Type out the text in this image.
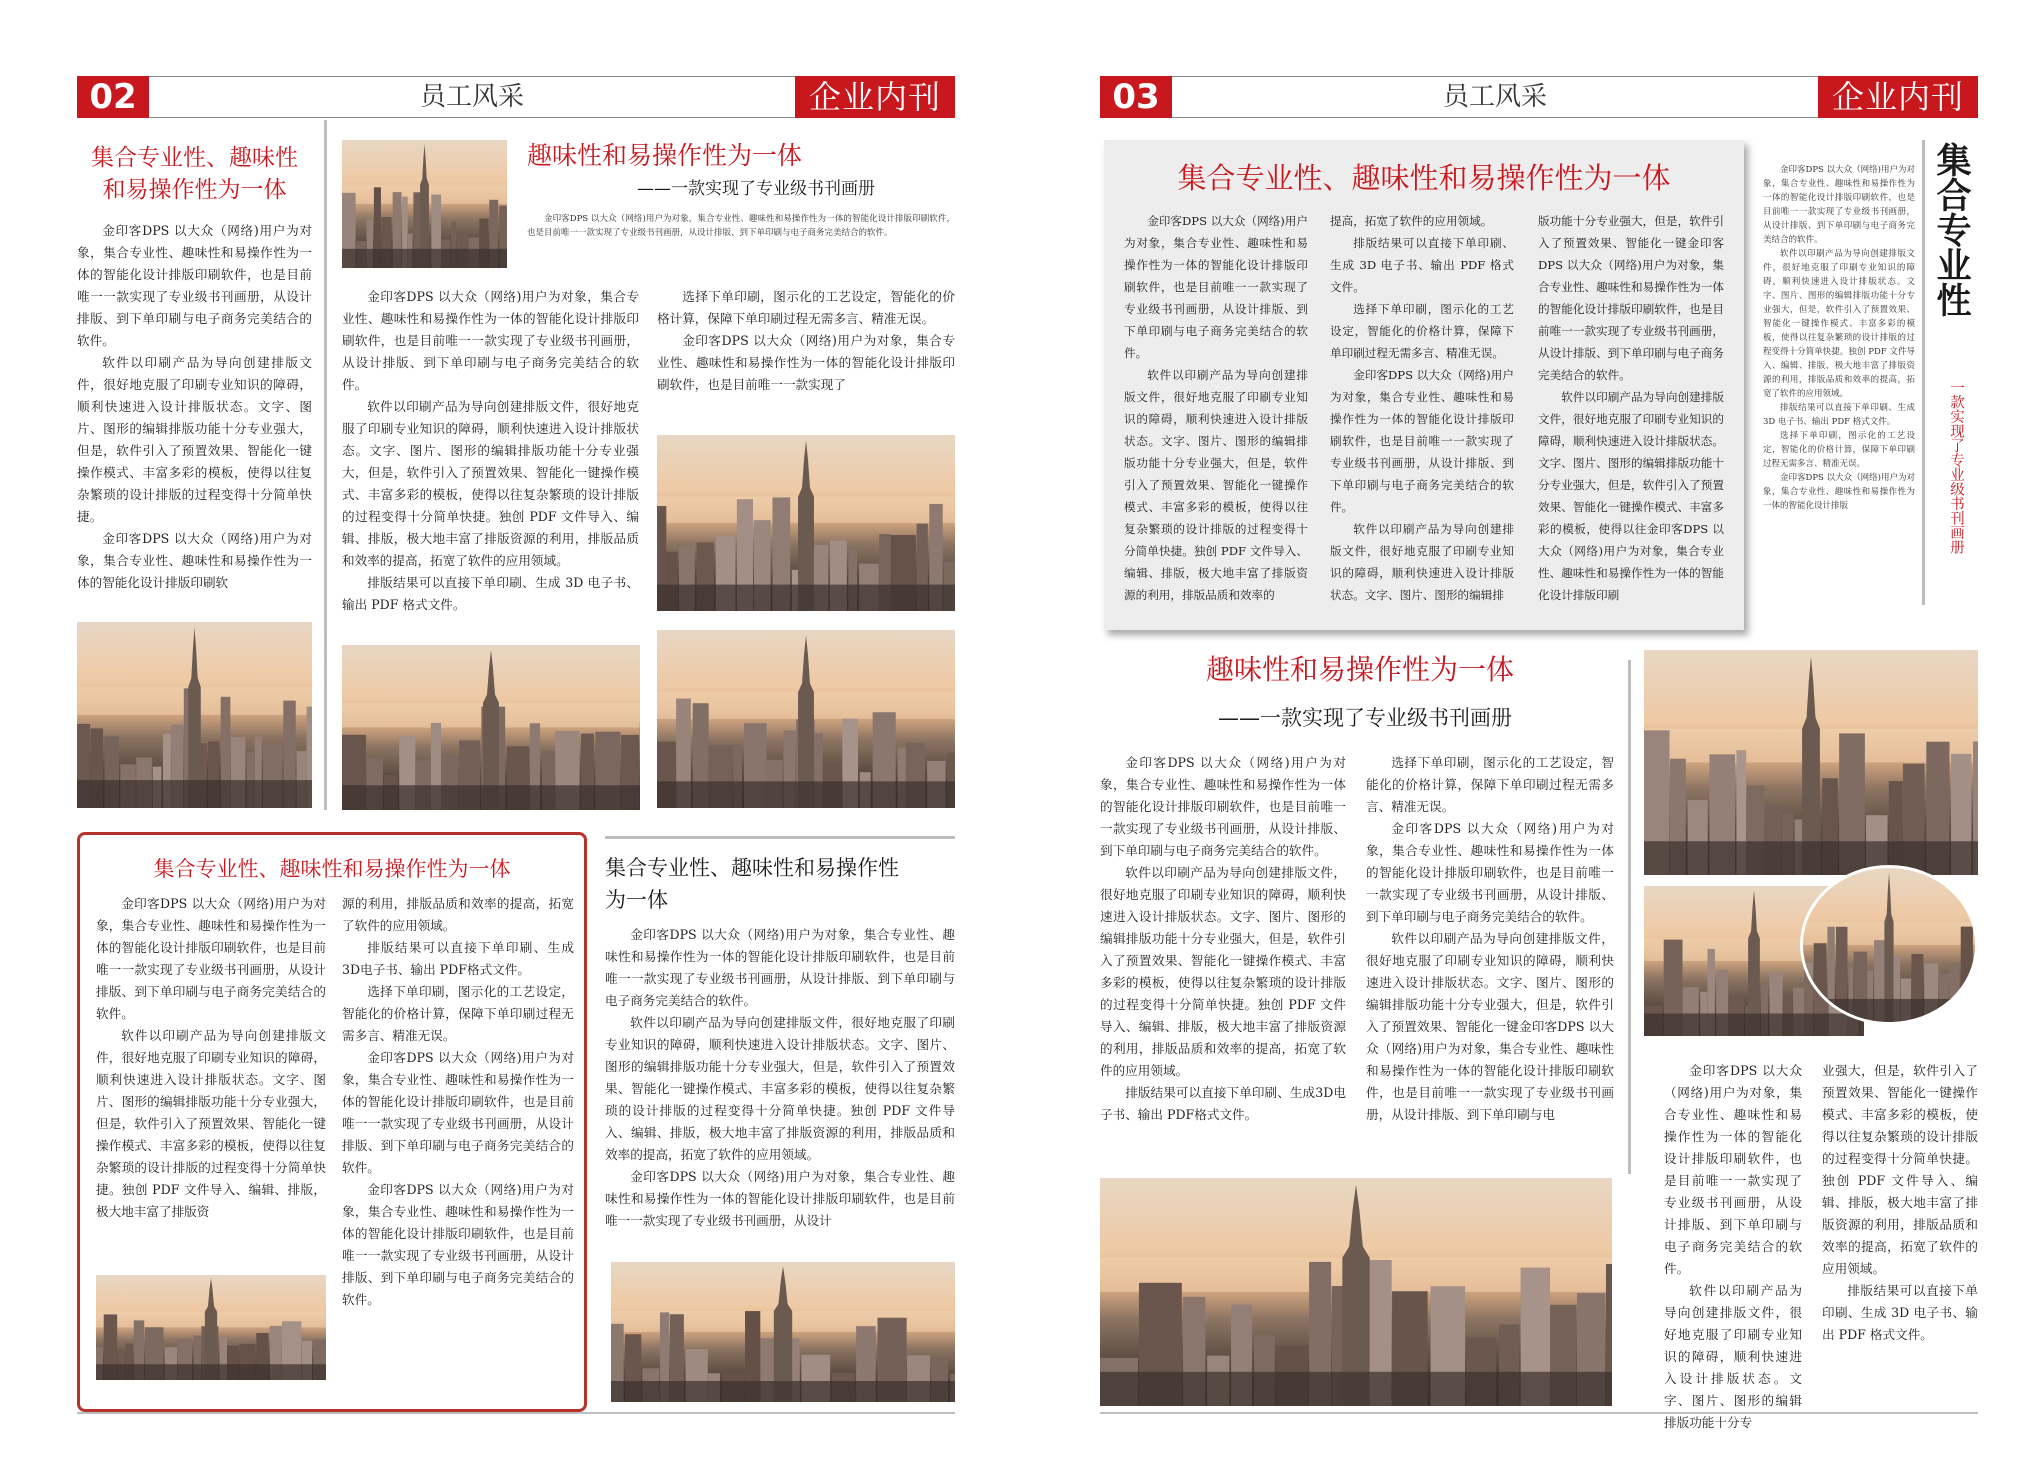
02	员工风采	企业内刊
集合专业性、趣味性
和易操作性为一体

金印客DPS 以大众（网络)用户为对象，集合专业性、趣味性和易操作性为一体的智能化设计排版印刷软件，也是目前唯一一款实现了专业级书刊画册，从设计排版、到下单印刷与电子商务完美结合的软件。

软件以印刷产品为导向创建排版文件，很好地克服了印刷专业知识的障碍，顺利快速进入设计排版状态。文字、图片、图形的编辑排版功能十分专业强大，但是，软件引入了预置效果、智能化一键操作模式、丰富多彩的模板，使得以往复杂繁琐的设计排版的过程变得十分简单快捷。

金印客DPS 以大众（网络)用户为对象，集合专业性、趣味性和易操作性为一体的智能化设计排版印刷软

趣味性和易操作性为一体
——一款实现了专业级书刊画册

金印客DPS 以大众（网络)用户为对象，集合专业性、趣味性和易操作性为一体的智能化设计排版印刷软件，也是目前唯一一款实现了专业级书刊画册，从设计排版、到下单印刷与电子商务完美结合的软件。

金印客DPS 以大众（网络)用户为对象，集合专业性、趣味性和易操作性为一体的智能化设计排版印刷软件，也是目前唯一一款实现了专业级书刊画册，从设计排版、到下单印刷与电子商务完美结合的软件。

软件以印刷产品为导向创建排版文件，很好地克服了印刷专业知识的障碍，顺利快速进入设计排版状态。文字、图片、图形的编辑排版功能十分专业强大，但是，软件引入了预置效果、智能化一键操作模式、丰富多彩的模板，使得以往复杂繁琐的设计排版的过程变得十分简单快捷。独创 PDF 文件导入、编辑、排版，极大地丰富了排版资源的利用，排版品质和效率的提高，拓宽了软件的应用领域。

排版结果可以直接下单印刷、生成 3D 电子书、输出 PDF 格式文件。

选择下单印刷，图示化的工艺设定，智能化的价格计算，保障下单印刷过程无需多言、精准无误。

金印客DPS 以大众（网络)用户为对象，集合专业性、趣味性和易操作性为一体的智能化设计排版印刷软件，也是目前唯一一款实现了

集合专业性、趣味性和易操作性为一体

金印客DPS 以大众（网络)用户为对象，集合专业性、趣味性和易操作性为一体的智能化设计排版印刷软件，也是目前唯一一款实现了专业级书刊画册，从设计排版、到下单印刷与电子商务完美结合的软件。

软件以印刷产品为导向创建排版文件，很好地克服了印刷专业知识的障碍，顺利快速进入设计排版状态。文字、图片、图形的编辑排版功能十分专业强大，但是，软件引入了预置效果、智能化一键操作模式、丰富多彩的模板，使得以往复杂繁琐的设计排版的过程变得十分简单快捷。独创 PDF 文件导入、编辑、排版，极大地丰富了排版资

源的利用，排版品质和效率的提高，拓宽了软件的应用领域。

排版结果可以直接下单印刷、生成3D电子书、输出 PDF格式文件。

选择下单印刷，图示化的工艺设定，智能化的价格计算，保障下单印刷过程无需多言、精准无误。

金印客DPS 以大众（网络)用户为对象，集合专业性、趣味性和易操作性为一体的智能化设计排版印刷软件，也是目前唯一一款实现了专业级书刊画册，从设计排版、到下单印刷与电子商务完美结合的软件。

金印客DPS 以大众（网络)用户为对象，集合专业性、趣味性和易操作性为一体的智能化设计排版印刷软件，也是目前唯一一款实现了专业级书刊画册，从设计排版、到下单印刷与电子商务完美结合的软件。

集合专业性、趣味性和易操作性
为一体

金印客DPS 以大众（网络)用户为对象，集合专业性、趣味性和易操作性为一体的智能化设计排版印刷软件，也是目前唯一一款实现了专业级书刊画册，从设计排版、到下单印刷与电子商务完美结合的软件。

软件以印刷产品为导向创建排版文件，很好地克服了印刷专业知识的障碍，顺利快速进入设计排版状态。文字、图片、图形的编辑排版功能十分专业强大，但是，软件引入了预置效果、智能化一键操作模式、丰富多彩的模板，使得以往复杂繁琐的设计排版的过程变得十分简单快捷。独创 PDF 文件导入、编辑、排版，极大地丰富了排版资源的利用，排版品质和效率的提高，拓宽了软件的应用领域。

金印客DPS 以大众（网络)用户为对象，集合专业性、趣味性和易操作性为一体的智能化设计排版印刷软件，也是目前唯一一款实现了专业级书刊画册，从设计

03	员工风采	企业内刊
集合专业性、趣味性和易操作性为一体

金印客DPS 以大众（网络)用户为对象，集合专业性、趣味性和易操作性为一体的智能化设计排版印刷软件，也是目前唯一一款实现了专业级书刊画册，从设计排版、到下单印刷与电子商务完美结合的软件。

软件以印刷产品为导向创建排版文件，很好地克服了印刷专业知识的障碍，顺利快速进入设计排版状态。文字、图片、图形的编辑排版功能十分专业强大，但是，软件引入了预置效果、智能化一键操作模式、丰富多彩的模板，使得以往复杂繁琐的设计排版的过程变得十分简单快捷。独创 PDF 文件导入、编辑、排版，极大地丰富了排版资源的利用，排版品质和效率的

提高，拓宽了软件的应用领域。

排版结果可以直接下单印刷、生成 3D 电子书、输出 PDF 格式文件。

选择下单印刷，图示化的工艺设定，智能化的价格计算，保障下单印刷过程无需多言、精准无误。

金印客DPS 以大众（网络)用户为对象，集合专业性、趣味性和易操作性为一体的智能化设计排版印刷软件，也是目前唯一一款实现了专业级书刊画册，从设计排版、到下单印刷与电子商务完美结合的软件。

软件以印刷产品为导向创建排版文件，很好地克服了印刷专业知识的障碍，顺利快速进入设计排版状态。文字、图片、图形的编辑排

版功能十分专业强大，但是，软件引入了预置效果、智能化一键金印客DPS 以大众（网络)用户为对象，集合专业性、趣味性和易操作性为一体的智能化设计排版印刷软件，也是目前唯一一款实现了专业级书刊画册，从设计排版、到下单印刷与电子商务完美结合的软件。

软件以印刷产品为导向创建排版文件，很好地克服了印刷专业知识的障碍，顺利快速进入设计排版状态。文字、图片、图形的编辑排版功能十分专业强大，但是，软件引入了预置效果、智能化一键操作模式、丰富多彩的模板，使得以往金印客DPS 以大众（网络)用户为对象，集合专业性、趣味性和易操作性为一体的智能化设计排版印刷

金印客DPS 以大众（网络)用户为对象，集合专业性、趣味性和易操作性为一体的智能化设计排版印刷软件，也是目前唯一一款实现了专业级书刊画册，从设计排版、到下单印刷与电子商务完美结合的软件。

软件以印刷产品为导向创建排版文件，很好地克服了印刷专业知识的障碍，顺利快速进入设计排版状态。文字、图片、图形的编辑排版功能十分专业强大，但是，软件引入了预置效果、智能化一键操作模式、丰富多彩的模板，使得以往复杂繁琐的设计排版的过程变得十分简单快捷。独创 PDF 文件导入、编辑、排版，极大地丰富了排版资源的利用，排版品质和效率的提高，拓宽了软件的应用领域。

排版结果可以直接下单印刷、生成 3D 电子书、输出 PDF 格式文件。

选择下单印刷，图示化的工艺设定，智能化的价格计算，保障下单印刷过程无需多言、精准无误。

金印客DPS 以大众（网络)用户为对象，集合专业性、趣味性和易操作性为一体的智能化设计排版

集合专业性
一款实现了专业级书刊画册
趣味性和易操作性为一体
——一款实现了专业级书刊画册

金印客DPS 以大众（网络)用户为对象，集合专业性、趣味性和易操作性为一体的智能化设计排版印刷软件，也是目前唯一一款实现了专业级书刊画册，从设计排版、到下单印刷与电子商务完美结合的软件。

软件以印刷产品为导向创建排版文件，很好地克服了印刷专业知识的障碍，顺利快速进入设计排版状态。文字、图片、图形的编辑排版功能十分专业强大，但是，软件引入了预置效果、智能化一键操作模式、丰富多彩的模板，使得以往复杂繁琐的设计排版的过程变得十分简单快捷。独创 PDF 文件导入、编辑、排版，极大地丰富了排版资源的利用，排版品质和效率的提高，拓宽了软件的应用领域。

排版结果可以直接下单印刷、生成3D电子书、输出 PDF格式文件。

选择下单印刷，图示化的工艺设定，智能化的价格计算，保障下单印刷过程无需多言、精准无误。

金印客DPS 以大众（网络)用户为对象，集合专业性、趣味性和易操作性为一体的智能化设计排版印刷软件，也是目前唯一一款实现了专业级书刊画册，从设计排版、到下单印刷与电子商务完美结合的软件。

软件以印刷产品为导向创建排版文件，很好地克服了印刷专业知识的障碍，顺利快速进入设计排版状态。文字、图片、图形的编辑排版功能十分专业强大，但是，软件引入了预置效果、智能化一键金印客DPS 以大众（网络)用户为对象，集合专业性、趣味性和易操作性为一体的智能化设计排版印刷软件，也是目前唯一一款实现了专业级书刊画册，从设计排版、到下单印刷与电

金印客DPS 以大众（网络)用户为对象，集合专业性、趣味性和易操作性为一体的智能化设计排版印刷软件，也是目前唯一一款实现了专业级书刊画册，从设计排版、到下单印刷与电子商务完美结合的软件。

软件以印刷产品为导向创建排版文件，很好地克服了印刷专业知识的障碍，顺利快速进入设计排版状态。文字、图片、图形的编辑排版功能十分专

业强大，但是，软件引入了预置效果、智能化一键操作模式、丰富多彩的模板，使得以往复杂繁琐的设计排版的过程变得十分简单快捷。独创 PDF 文件导入、编辑、排版，极大地丰富了排版资源的利用，排版品质和效率的提高，拓宽了软件的应用领域。

排版结果可以直接下单印刷、生成 3D 电子书、输出 PDF 格式文件。
